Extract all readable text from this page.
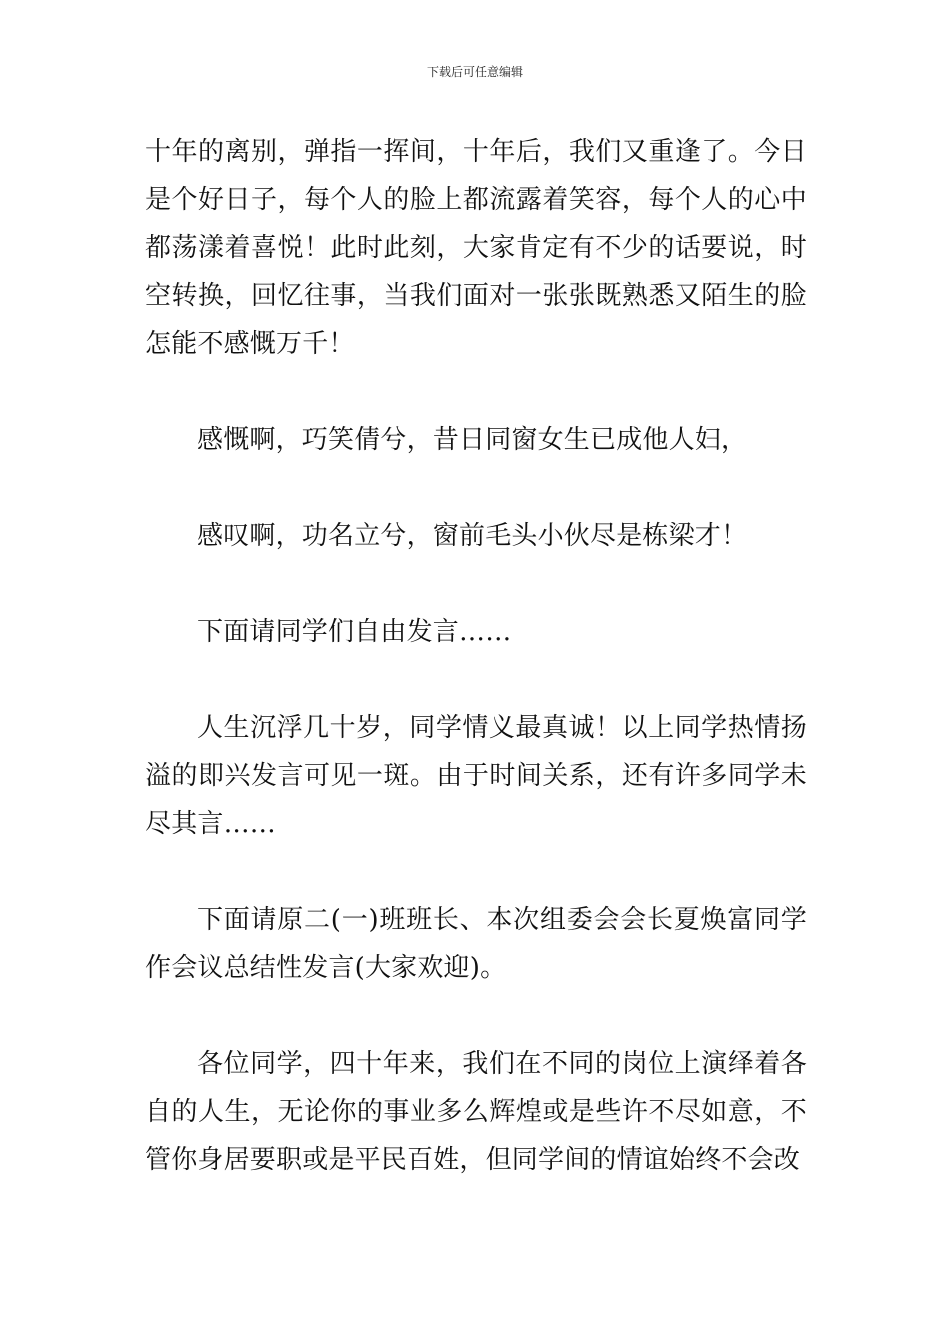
下载后可任意编辑

十年的离别，弹指一挥间，十年后，我们又重逢了。今日是个好日子，每个人的脸上都流露着笑容，每个人的心中都荡漾着喜悦！此时此刻，大家肯定有不少的话要说，时空转换，回忆往事，当我们面对一张张既熟悉又陌生的脸怎能不感慨万千！

感慨啊，巧笑倩兮，昔日同窗女生已成他人妇，

感叹啊，功名立兮，窗前毛头小伙尽是栋梁才！

下面请同学们自由发言……

人生沉浮几十岁，同学情义最真诚！以上同学热情扬溢的即兴发言可见一斑。由于时间关系，还有许多同学未尽其言……

下面请原二(一)班班长、本次组委会会长夏焕富同学作会议总结性发言(大家欢迎)。

各位同学，四十年来，我们在不同的岗位上演绎着各自的人生，无论你的事业多么辉煌或是些许不尽如意，不管你身居要职或是平民百姓，但同学间的情谊始终不会改
